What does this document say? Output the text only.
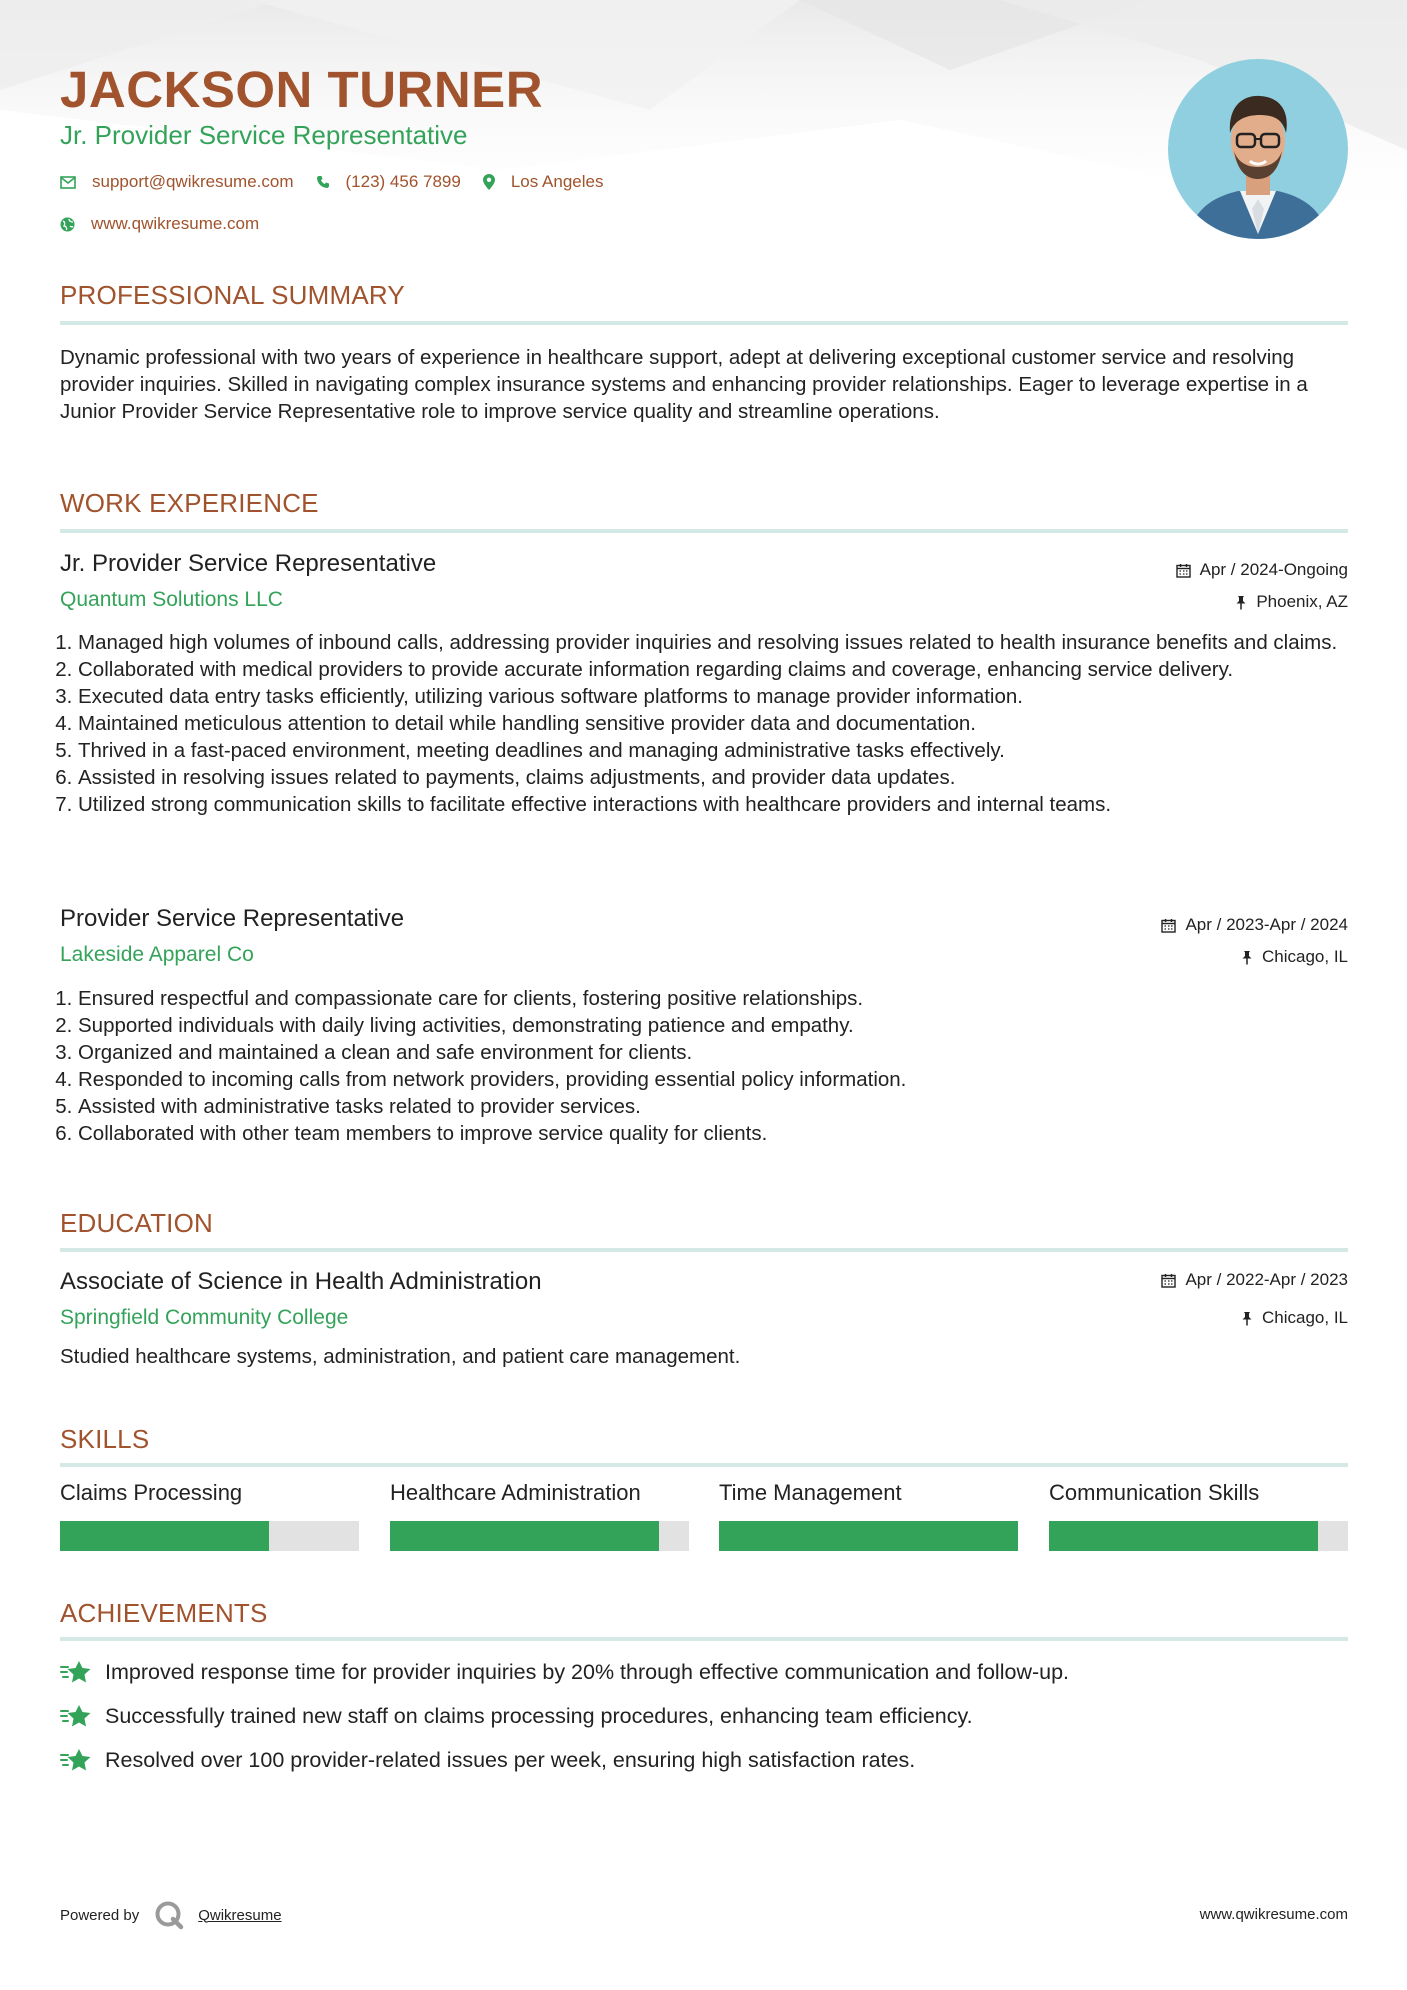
JACKSON TURNER
Jr. Provider Service Representative
support@qwikresume.com	(123) 456 7899	Los Angeles
www.qwikresume.com
PROFESSIONAL SUMMARY
Dynamic professional with two years of experience in healthcare support, adept at delivering exceptional customer service and resolving provider inquiries. Skilled in navigating complex insurance systems and enhancing provider relationships. Eager to leverage expertise in a Junior Provider Service Representative role to improve service quality and streamline operations.
WORK EXPERIENCE
Jr. Provider Service Representative
Quantum Solutions LLC
Apr / 2024-Ongoing
Phoenix, AZ
1. Managed high volumes of inbound calls, addressing provider inquiries and resolving issues related to health insurance benefits and claims.
2. Collaborated with medical providers to provide accurate information regarding claims and coverage, enhancing service delivery.
3. Executed data entry tasks efficiently, utilizing various software platforms to manage provider information.
4. Maintained meticulous attention to detail while handling sensitive provider data and documentation.
5. Thrived in a fast-paced environment, meeting deadlines and managing administrative tasks effectively.
6. Assisted in resolving issues related to payments, claims adjustments, and provider data updates.
7. Utilized strong communication skills to facilitate effective interactions with healthcare providers and internal teams.
Provider Service Representative
Lakeside Apparel Co
Apr / 2023-Apr / 2024
Chicago, IL
1. Ensured respectful and compassionate care for clients, fostering positive relationships.
2. Supported individuals with daily living activities, demonstrating patience and empathy.
3. Organized and maintained a clean and safe environment for clients.
4. Responded to incoming calls from network providers, providing essential policy information.
5. Assisted with administrative tasks related to provider services.
6. Collaborated with other team members to improve service quality for clients.
EDUCATION
Associate of Science in Health Administration
Springfield Community College
Apr / 2022-Apr / 2023
Chicago, IL
Studied healthcare systems, administration, and patient care management.
SKILLS
Claims Processing	Healthcare Administration	Time Management	Communication Skills
ACHIEVEMENTS
Improved response time for provider inquiries by 20% through effective communication and follow-up.
Successfully trained new staff on claims processing procedures, enhancing team efficiency.
Resolved over 100 provider-related issues per week, ensuring high satisfaction rates.
Powered by	Qwikresume	www.qwikresume.com
